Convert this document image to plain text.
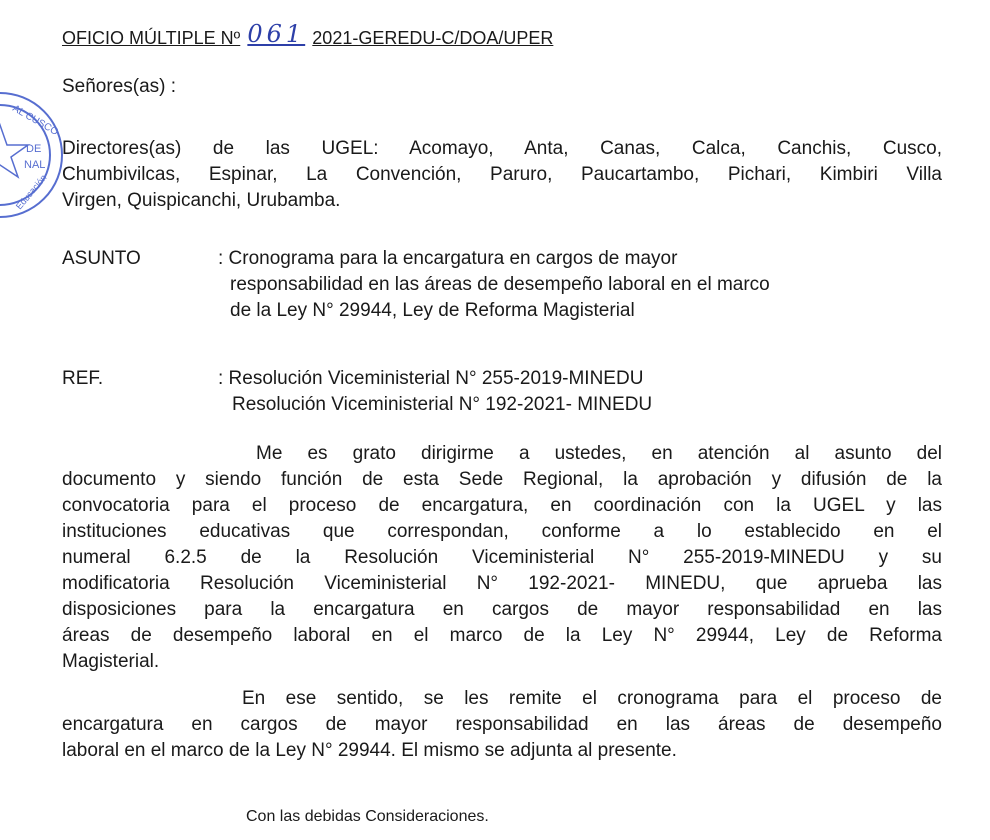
AL CUSCO
DE
NAL
Educación
OFICIO MÚLTIPLE Nº 061 2021-GEREDU-C/DOA/UPER
Señores(as) :
Directores(as) de las UGEL: Acomayo, Anta, Canas, Calca, Canchis, Cusco,
Chumbivilcas, Espinar, La Convención, Paruro, Paucartambo, Pichari, Kimbiri Villa
Virgen, Quispicanchi, Urubamba.
ASUNTO	: Cronograma para la encargatura en cargos de mayor
responsabilidad en las áreas de desempeño laboral en el marco
de la Ley N° 29944, Ley de Reforma Magisterial
REF.	: Resolución Viceministerial N° 255-2019-MINEDU
Resolución Viceministerial N° 192-2021- MINEDU
Me es grato dirigirme a ustedes, en atención al asunto del
documento y siendo función de esta Sede Regional, la aprobación y difusión de la
convocatoria para el proceso de encargatura, en coordinación con la UGEL y las
instituciones educativas que correspondan, conforme a lo establecido en el
numeral 6.2.5 de la Resolución Viceministerial N° 255-2019-MINEDU y su
modificatoria Resolución Viceministerial N° 192-2021- MINEDU, que aprueba las
disposiciones para la encargatura en cargos de mayor responsabilidad en las
áreas de desempeño laboral en el marco de la Ley N° 29944, Ley de Reforma
Magisterial.
En ese sentido, se les remite el cronograma para el proceso de
encargatura en cargos de mayor responsabilidad en las áreas de desempeño
laboral en el marco de la Ley N° 29944. El mismo se adjunta al presente.
Con las debidas Consideraciones.
